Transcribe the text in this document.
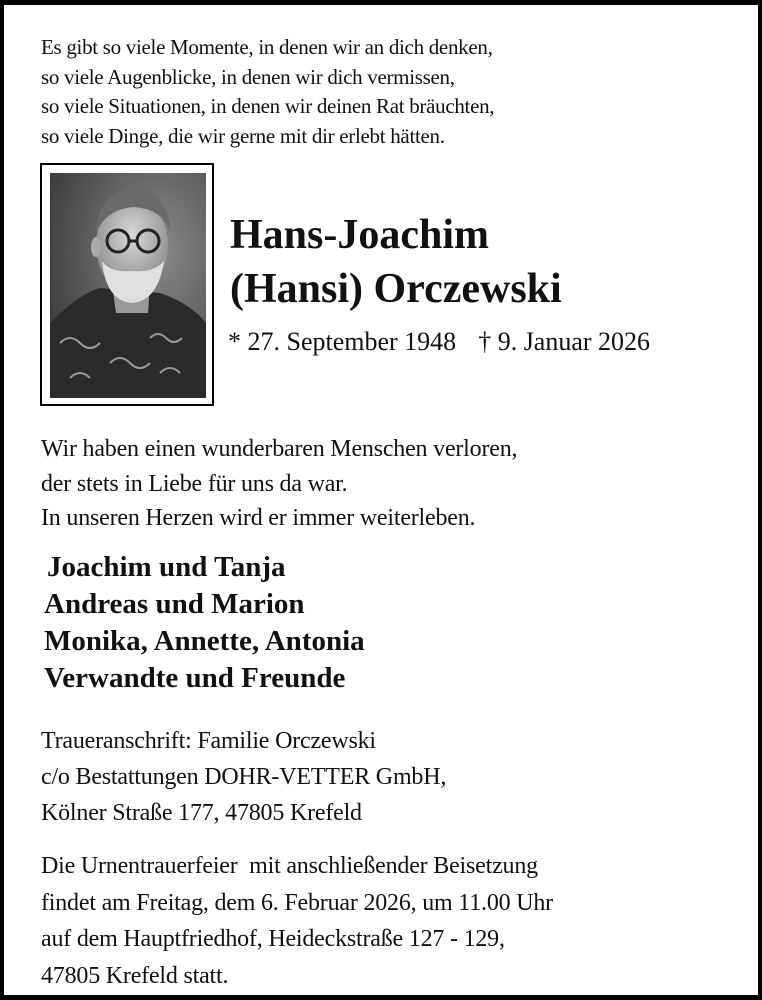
Es gibt so viele Momente, in denen wir an dich denken,
so viele Augenblicke, in denen wir dich vermissen,
so viele Situationen, in denen wir deinen Rat bräuchten,
so viele Dinge, die wir gerne mit dir erlebt hätten.
Hans-Joachim
(Hansi) Orczewski
* 27. September 1948 † 9. Januar 2026
Wir haben einen wunderbaren Menschen verloren,
der stets in Liebe für uns da war.
In unseren Herzen wird er immer weiterleben.
Joachim und Tanja
Andreas und Marion
Monika, Annette, Antonia
Verwandte und Freunde
Traueranschrift: Familie Orczewski
c/o Bestattungen DOHR-VETTER GmbH,
Kölner Straße 177, 47805 Krefeld
Die Urnentrauerfeier  mit anschließender Beisetzung
findet am Freitag, dem 6. Februar 2026, um 11.00 Uhr
auf dem Hauptfriedhof, Heideckstraße 127 - 129,
47805 Krefeld statt.
